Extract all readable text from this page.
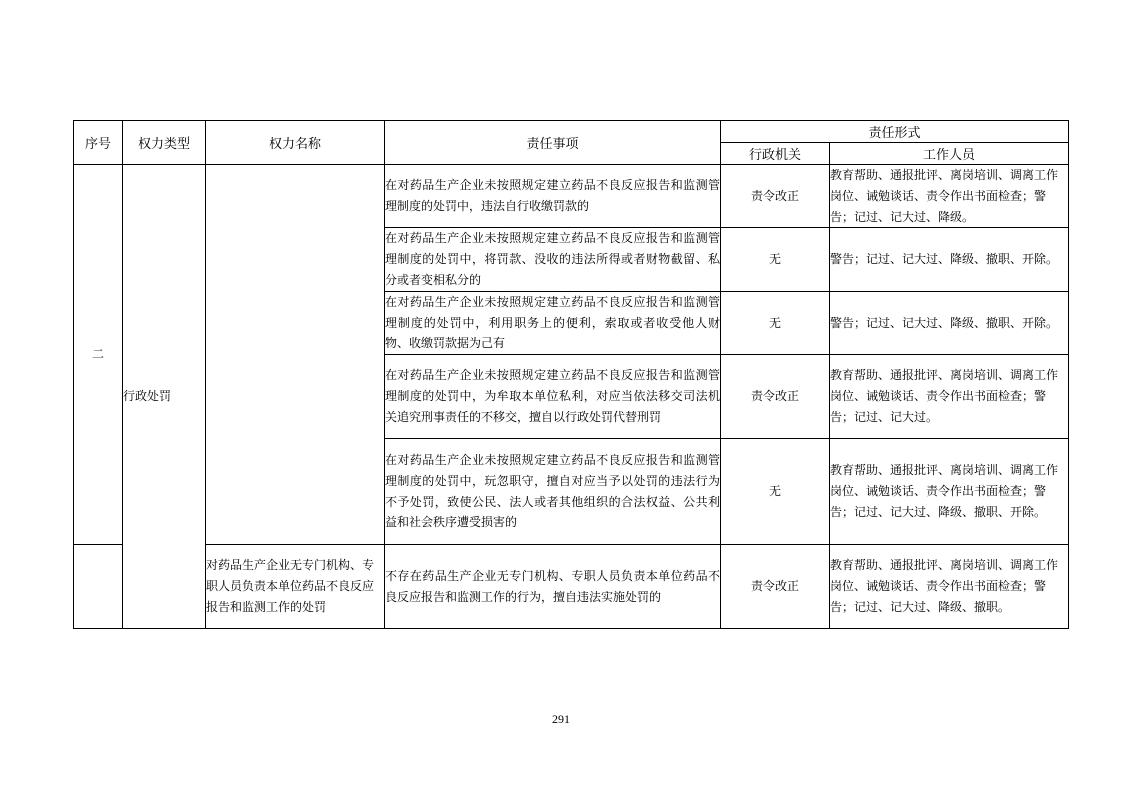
序号	权力类型	权力名称	责任事项	责任形式	
				行政机关	工作人员
二	行政处罚		在对药品生产企业未按照规定建立药品不良反应报告和监测管理制度的处罚中，违法自行收缴罚款的	责令改正	教育帮助、通报批评、离岗培训、调离工作岗位、诫勉谈话、责令作出书面检查；警告；记过、记大过、降级。
			在对药品生产企业未按照规定建立药品不良反应报告和监测管理制度的处罚中，将罚款、没收的违法所得或者财物截留、私分或者变相私分的	无	警告；记过、记大过、降级、撤职、开除。
			在对药品生产企业未按照规定建立药品不良反应报告和监测管理制度的处罚中，利用职务上的便利，索取或者收受他人财物、收缴罚款据为己有	无	警告；记过、记大过、降级、撤职、开除。
			在对药品生产企业未按照规定建立药品不良反应报告和监测管理制度的处罚中，为牟取本单位私利，对应当依法移交司法机关追究刑事责任的不移交，擅自以行政处罚代替刑罚	责令改正	教育帮助、通报批评、离岗培训、调离工作岗位、诫勉谈话、责令作出书面检查；警告；记过、记大过。
			在对药品生产企业未按照规定建立药品不良反应报告和监测管理制度的处罚中，玩忽职守，擅自对应当予以处罚的违法行为不予处罚，致使公民、法人或者其他组织的合法权益、公共利益和社会秩序遭受损害的	无	教育帮助、通报批评、离岗培训、调离工作岗位、诫勉谈话、责令作出书面检查；警告；记过、记大过、降级、撤职、开除。
		对药品生产企业无专门机构、专职人员负责本单位药品不良反应报告和监测工作的处罚	不存在药品生产企业无专门机构、专职人员负责本单位药品不良反应报告和监测工作的行为，擅自违法实施处罚的	责令改正	教育帮助、通报批评、离岗培训、调离工作岗位、诫勉谈话、责令作出书面检查；警告；记过、记大过、降级、撤职。
291
